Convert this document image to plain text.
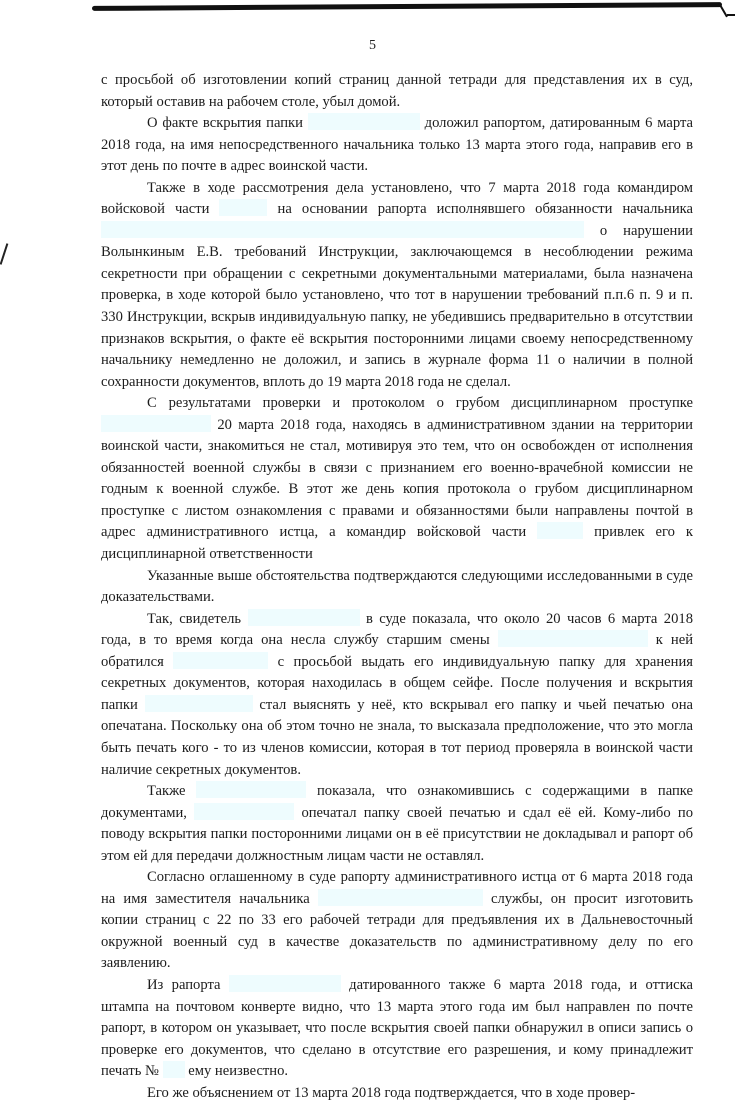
5

с просьбой об изготовлении копий страниц данной тетради для представления их в суд, который оставив на рабочем столе, убыл домой.

О факте вскрытия папки	доложил рапортом, датированным 6 марта 2018 года, на имя непосредственного начальника только 13 марта этого года, направив его в этот день по почте в адрес воинской части.

Также в ходе рассмотрения дела установлено, что 7 марта 2018 года командиром войсковой части	на основании рапорта исполнявшего обязанности начальника  о нарушении Волынкиным Е.В. требований Инструкции, заключающемся в несоблюдении режима секретности при обращении с секретными документальными материалами, была назначена проверка, в ходе которой было установлено, что тот в нарушении требований п.п.6 п. 9 и п. 330 Инструкции, вскрыв индивидуальную папку, не убедившись предварительно в отсутствии признаков вскрытия, о факте её вскрытия посторонними лицами своему непосредственному начальнику немедленно не доложил, и запись в журнале форма 11 о наличии в полной сохранности документов, вплоть до 19 марта 2018 года не сделал.

С результатами проверки и протоколом о грубом дисциплинарном проступке  20 марта 2018 года, находясь в административном здании на территории воинской части, знакомиться не стал, мотивируя это тем, что он освобожден от исполнения обязанностей военной службы в связи с признанием его военно-врачебной комиссии не годным к военной службе. В этот же день копия протокола о грубом дисциплинарном проступке с листом ознакомления с правами и обязанностями были направлены почтой в адрес административного истца, а командир войсковой части	привлек его к дисциплинарной ответственности

Указанные выше обстоятельства подтверждаются следующими исследованными в суде доказательствами.

Так, свидетель	в суде показала, что около 20 часов 6 марта 2018 года, в то время когда она несла службу старшим смены	к ней обратился	с просьбой выдать его индивидуальную папку для хранения секретных документов, которая находилась в общем сейфе. После получения и вскрытия папки	стал выяснять у неё, кто вскрывал его папку и чьей печатью она опечатана. Поскольку она об этом точно не знала, то высказала предположение, что это могла быть печать кого - то из членов комиссии, которая в тот период проверяла в воинской части наличие секретных документов.

Также	показала, что ознакомившись с содержащими в папке документами,	опечатал папку своей печатью и сдал её ей. Кому-либо по поводу вскрытия папки посторонними лицами он в её присутствии не докладывал и рапорт об этом ей для передачи должностным лицам части не оставлял.

Согласно оглашенному в суде рапорту административного истца от 6 марта 2018 года на имя заместителя начальника	службы, он просит изготовить копии страниц с 22 по 33 его рабочей тетради для предъявления их в Дальневосточный окружной военный суд в качестве доказательств по административному делу по его заявлению.

Из рапорта	датированного также 6 марта 2018 года, и оттиска штампа на почтовом конверте видно, что 13 марта этого года им был направлен по почте рапорт, в котором он указывает, что после вскрытия своей папки обнаружил в описи запись о проверке его документов, что сделано в отсутствие его разрешения, и кому принадлежит печать №  ему неизвестно.

Его же объяснением от 13 марта 2018 года подтверждается, что в ходе провер-
